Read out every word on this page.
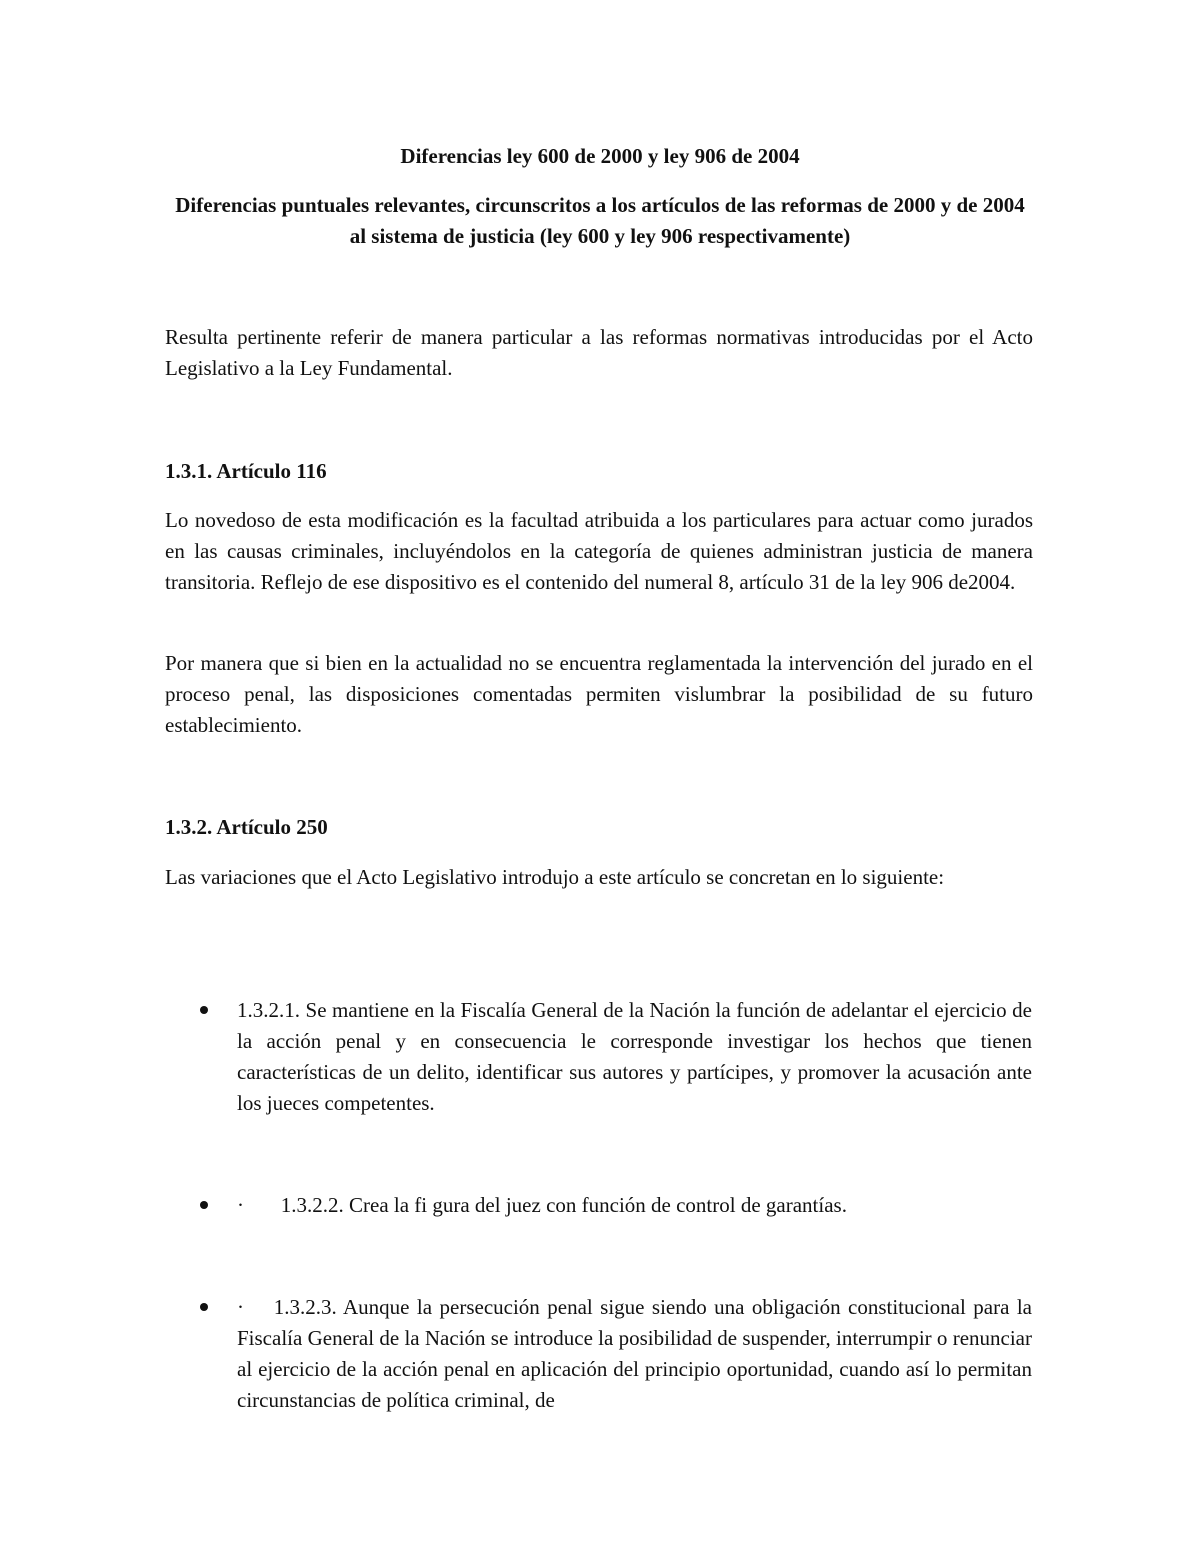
Diferencias ley 600 de 2000 y ley 906 de 2004

Diferencias puntuales relevantes, circunscritos a los artículos de las reformas de 2000 y de 2004 al sistema de justicia (ley 600 y ley 906 respectivamente)

Resulta pertinente referir de manera particular a las reformas normativas introducidas por el Acto Legislativo a la Ley Fundamental.

1.3.1. Artículo 116

Lo novedoso de esta modificación es la facultad atribuida a los particulares para actuar como jurados en las causas criminales, incluyéndolos en la categoría de quienes administran justicia de manera transitoria. Reflejo de ese dispositivo es el contenido del numeral 8, artículo 31 de la ley 906 de2004.

Por manera que si bien en la actualidad no se encuentra reglamentada la intervención del jurado en el proceso penal, las disposiciones comentadas permiten vislumbrar la posibilidad de su futuro establecimiento.

1.3.2. Artículo 250

Las variaciones que el Acto Legislativo introdujo a este artículo se concretan en lo siguiente:

1.3.2.1. Se mantiene en la Fiscalía General de la Nación la función de adelantar el ejercicio de la acción penal y en consecuencia le corresponde investigar los hechos que tienen características de un delito, identificar sus autores y partícipes, y promover la acusación ante los jueces competentes.

·       1.3.2.2. Crea la fi gura del juez con función de control de garantías.

·    1.3.2.3. Aunque la persecución penal sigue siendo una obligación constitucional para la Fiscalía General de la Nación se introduce la posibilidad de suspender, interrumpir o renunciar al ejercicio de la acción penal en aplicación del principio oportunidad, cuando así lo permitan circunstancias de política criminal, de
